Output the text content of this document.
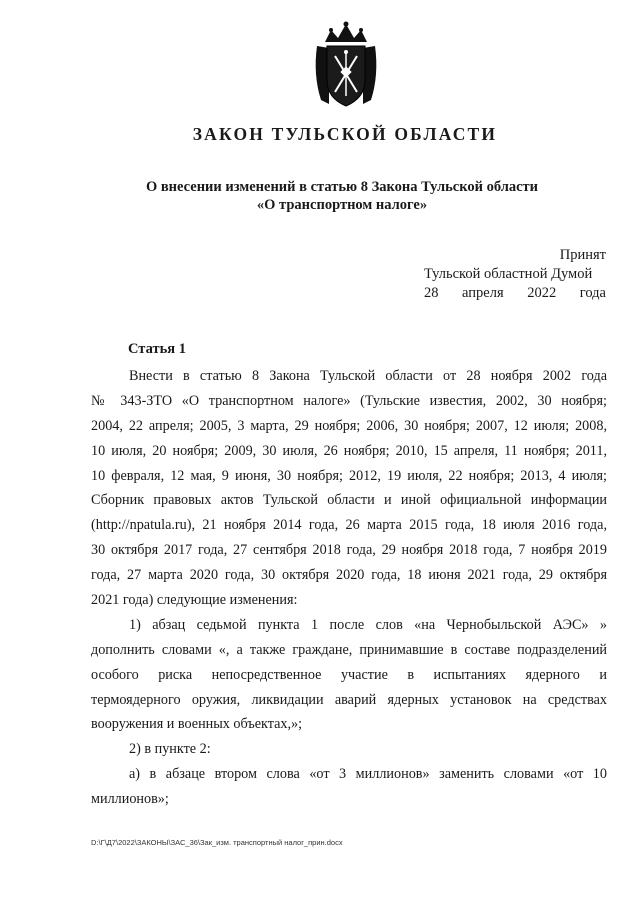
ЗАКОН ТУЛЬСКОЙ ОБЛАСТИ
О внесении изменений в статью 8 Закона Тульской области
«О транспортном налоге»
Принят
Тульской областной Думой
28 апреля 2022 года
Статья 1
Внести в статью 8 Закона Тульской области от 28 ноября 2002 года
№ 343-ЗТО «О транспортном налоге» (Тульские известия, 2002, 30 ноября;
2004, 22 апреля; 2005, 3 марта, 29 ноября; 2006, 30 ноября; 2007, 12 июля; 2008,
10 июля, 20 ноября; 2009, 30 июля, 26 ноября; 2010, 15 апреля, 11 ноября; 2011,
10 февраля, 12 мая, 9 июня, 30 ноября; 2012, 19 июля, 22 ноября; 2013, 4 июля;
Сборник правовых актов Тульской области и иной официальной информации
(http://npatula.ru), 21 ноября 2014 года, 26 марта 2015 года, 18 июля 2016 года,
30 октября 2017 года, 27 сентября 2018 года, 29 ноября 2018 года, 7 ноября 2019
года, 27 марта 2020 года, 30 октября 2020 года, 18 июня 2021 года, 29 октября
2021 года) следующие изменения:
1) абзац седьмой пункта 1 после слов «на Чернобыльской АЭС» »
дополнить словами «, а также граждане, принимавшие в составе подразделений
особого риска непосредственное участие в испытаниях ядерного и
термоядерного оружия, ликвидации аварий ядерных установок на средствах
вооружения и военных объектах,»;
2) в пункте 2:
а) в абзаце втором слова «от 3 миллионов» заменить словами «от 10
миллионов»;
D:\Г\Д7\2022\ЗАКОНЫ\ЗАС_36\Зак_изм. транспортный налог_прин.docx
